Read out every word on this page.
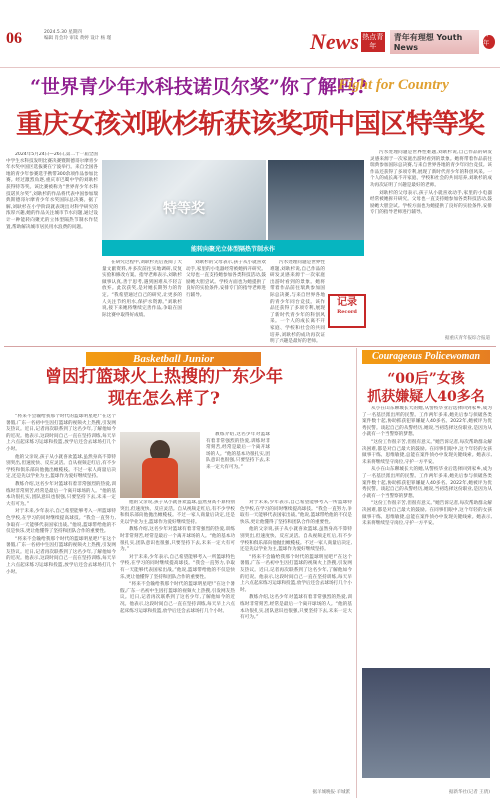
06	2024.5.30 星期四
编辑 肖会玲 审读 黄婷 设计 杨 瑾	News 热点青年
青年有理想 Youth News
青年报
“世界青少年水科技诺贝尔奖”你了解吗?
Fight for Country
重庆女孩刘耿杉斩获该奖项中国区特等奖

2024年5月24日—26日,第二十一届全国中学生水科技发明比赛决赛暨斯德哥尔摩青少年水奖中国区选拔赛在宁波举行。来自全国各地的青少年参赛选手携带300余项作品参加比赛。经过激烈角逐,重庆市巴蜀中学的刘耿杉获得特等奖。该比赛被称为“世界青少年水科技诺贝尔奖”,刘耿杉的作品将代表中国参加瑞典斯德哥尔摩青少年水奖国际总决赛。据了解,刘耿杉在小学阶段就表现出对科学研究的浓厚兴趣,她的作品关注城市节水问题,通过设计一种能转向聚光的立体型隔热节制水作装置,帮助解决城市居民用水浪费的问题。

特等奖
能转向聚光立体型隔热节制水作

在研究过程中,刘耿杉先后查阅了大量文献资料,并多次前往实地调研,反复实验和修改方案。指导老师表示,刘耿杉做事认真,善于思考,遇到困难从不轻言放弃。此次获奖,是对她长期努力的肯定。“我希望通过自己的研究,让更多的人关注节约用水,保护水资源。”刘耿杉说,接下来她将继续完善作品,争取在国际比赛中取得好成绩。

刘耿杉的父母表示,孩子从小就喜欢动手,家里的小电器经常被她拆开研究。父母也一直支持她参加各类科技活动,鼓励她大胆尝试。学校方面也为她提供了良好的实验条件,安排专门的指导老师进行辅导。

污水处理问题是世界性难题,刘耿杉说,自己作品的研发灵感来源于一次家庭出游时看到的景象。她将带着作品前往瑞典参加国际总决赛,与来自世界各地的青少年同台竞技。该作品还获得了多项专利,展现了新时代青少年的科创风采。一个人的成长离不开家庭、学校和社会的共同培养,刘耿杉的成功再次证明了兴趣是最好的老师。

记录
Record

污水处理问题是世界性难题,刘耿杉说,自己作品的研发灵感来源于一次家庭出游时看到的景象。她将带着作品前往瑞典参加国际总决赛,与来自世界各地的青少年同台竞技。该作品还获得了多项专利,展现了新时代青少年的科创风采。一个人的成长离不开家庭、学校和社会的共同培养,刘耿杉的成功再次证明了兴趣是最好的老师。

刘耿杉的父母表示,孩子从小就喜欢动手,家里的小电器经常被她拆开研究。父母也一直支持她参加各类科技活动,鼓励她大胆尝试。学校方面也为她提供了良好的实验条件,安排专门的指导老师进行辅导。

据重庆青年报综合报道
Basketball Junior
曾因打篮球火上热搜的广东少年
现在怎么样了?

“将来不会输给我那个时代的篮球明星吧!”在这个暑假,广东一名初中生因打篮球的视频火上热搜,引发网友热议。近日,记者再次联系到了这名少年,了解他如今的近况。他表示,这段时间自己一直在坚持训练,每天早上六点起床练习运球和投篮,放学后还会去球场打几个小时。

他的父亲说,孩子从小就喜欢篮球,虽然身高不算特别突出,但速度快、反应灵活。自从视频走红后,有不少学校和俱乐部向他抛出橄榄枝。不过一家人商量后决定,还是先以学业为主,篮球作为爱好继续坚持。

教练介绍,这名少年对篮球有着非常强烈的热爱,训练时非常刻苦,经常是最后一个离开球场的人。“他的基本功很扎实,团队意识也很强,只要坚持下去,未来一定大有可为。”

对于未来,少年表示,自己希望能够考入一所篮球特色学校,在学习的同时继续提高球技。“我会一直努力,争取有一天能够代表国家出战。”他说,篮球带给他的不仅是快乐,更让他懂得了坚持和团队合作的重要性。

“将来不会输给我那个时代的篮球明星吧!”在这个暑假,广东一名初中生因打篮球的视频火上热搜,引发网友热议。近日,记者再次联系到了这名少年,了解他如今的近况。他表示,这段时间自己一直在坚持训练,每天早上六点起床练习运球和投篮,放学后还会去球场打几个小时。

他的父亲说,孩子从小就喜欢篮球,虽然身高不算特别突出,但速度快、反应灵活。自从视频走红后,有不少学校和俱乐部向他抛出橄榄枝。不过一家人商量后决定,还是先以学业为主,篮球作为爱好继续坚持。

教练介绍,这名少年对篮球有着非常强烈的热爱,训练时非常刻苦,经常是最后一个离开球场的人。“他的基本功很扎实,团队意识也很强,只要坚持下去,未来一定大有可为。”

对于未来,少年表示,自己希望能够考入一所篮球特色学校,在学习的同时继续提高球技。“我会一直努力,争取有一天能够代表国家出战。”他说,篮球带给他的不仅是快乐,更让他懂得了坚持和团队合作的重要性。

“将来不会输给我那个时代的篮球明星吧!”在这个暑假,广东一名初中生因打篮球的视频火上热搜,引发网友热议。近日,记者再次联系到了这名少年,了解他如今的近况。他表示,这段时间自己一直在坚持训练,每天早上六点起床练习运球和投篮,放学后还会去球场打几个小时。

教练介绍,这名少年对篮球有着非常强烈的热爱,训练时非常刻苦,经常是最后一个离开球场的人。“他的基本功很扎实,团队意识也很强,只要坚持下去,未来一定大有可为。”

对于未来,少年表示,自己希望能够考入一所篮球特色学校,在学习的同时继续提高球技。“我会一直努力,争取有一天能够代表国家出战。”他说,篮球带给他的不仅是快乐,更让他懂得了坚持和团队合作的重要性。

他的父亲说,孩子从小就喜欢篮球,虽然身高不算特别突出,但速度快、反应灵活。自从视频走红后,有不少学校和俱乐部向他抛出橄榄枝。不过一家人商量后决定,还是先以学业为主,篮球作为爱好继续坚持。

“将来不会输给我那个时代的篮球明星吧!”在这个暑假,广东一名初中生因打篮球的视频火上热搜,引发网友热议。近日,记者再次联系到了这名少年,了解他如今的近况。他表示,这段时间自己一直在坚持训练,每天早上六点起床练习运球和投篮,放学后还会去球场打几个小时。

教练介绍,这名少年对篮球有着非常强烈的热爱,训练时非常刻苦,经常是最后一个离开球场的人。“他的基本功很扎实,团队意识也很强,只要坚持下去,未来一定大有可为。”

据羊城晚报·羊城派
Courageous Policewoman
“00后”女孩
抓获嫌疑人40多名

从小在山东聊城长大的她,从警校毕业后选择回到家乡,成为了一名基层派出所的民警。工作两年多来,她先后参与侦破各类案件数十起,协助抓获犯罪嫌疑人40多名。2022年,她被评为优秀民警。谈起自己的从警经历,她说,当初选择这份职业,是因为从小就有一个当警察的梦想。

“这份工作很辛苦,但很有意义。”她告诉记者,每次帮助群众解决困难,都是对自己最大的鼓励。在同事们眼中,这个年轻的女孩做事干练、思维敏捷,总能在案件侦办中发现关键线索。她表示,未来将继续坚守岗位,守护一方平安。

从小在山东聊城长大的她,从警校毕业后选择回到家乡,成为了一名基层派出所的民警。工作两年多来,她先后参与侦破各类案件数十起,协助抓获犯罪嫌疑人40多名。2022年,她被评为优秀民警。谈起自己的从警经历,她说,当初选择这份职业,是因为从小就有一个当警察的梦想。

“这份工作很辛苦,但很有意义。”她告诉记者,每次帮助群众解决困难,都是对自己最大的鼓励。在同事们眼中,这个年轻的女孩做事干练、思维敏捷,总能在案件侦办中发现关键线索。她表示,未来将继续坚守岗位,守护一方平安。

据新华社(记者 王倩)
